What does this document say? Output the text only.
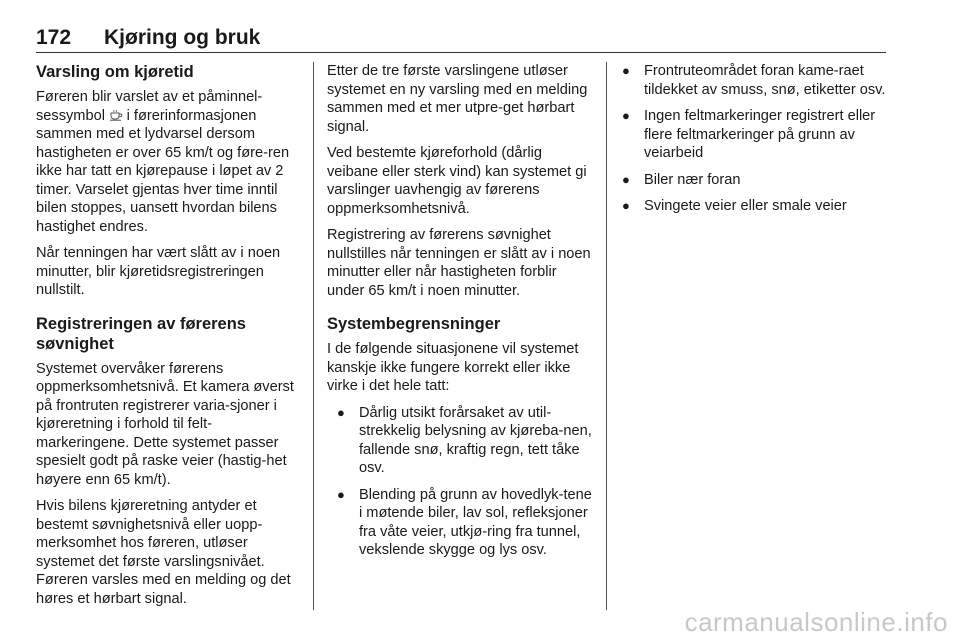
172 Kjøring og bruk
Varsling om kjøretid

Føreren blir varslet av et påminnel-sessymbol i førerinformasjonen sammen med et lydvarsel dersom hastigheten er over 65 km/t og føre-ren ikke har tatt en kjørepause i løpet av 2 timer. Varselet gjentas hver time inntil bilen stoppes, uansett hvordan bilens hastighet endres.

Når tenningen har vært slått av i noen minutter, blir kjøretidsregistreringen nullstilt.

Registreringen av førerens søvnighet

Systemet overvåker førerens oppmerksomhetsnivå. Et kamera øverst på frontruten registrerer varia-sjoner i kjøreretning i forhold til felt-markeringene. Dette systemet passer spesielt godt på raske veier (hastig-het høyere enn 65 km/t).

Hvis bilens kjøreretning antyder et bestemt søvnighetsnivå eller uopp-merksomhet hos føreren, utløser systemet det første varslingsnivået. Føreren varsles med en melding og det høres et hørbart signal.

Etter de tre første varslingene utløser systemet en ny varsling med en melding sammen med et mer utpre-get hørbart signal.

Ved bestemte kjøreforhold (dårlig veibane eller sterk vind) kan systemet gi varslinger uavhengig av førerens oppmerksomhetsnivå.

Registrering av førerens søvnighet nullstilles når tenningen er slått av i noen minutter eller når hastigheten forblir under 65 km/t i noen minutter.

Systembegrensninger

I de følgende situasjonene vil systemet kanskje ikke fungere korrekt eller ikke virke i det hele tatt:

● Dårlig utsikt forårsaket av util-strekkelig belysning av kjøreba-nen, fallende snø, kraftig regn, tett tåke osv.
● Blending på grunn av hovedlyk-tene i møtende biler, lav sol, refleksjoner fra våte veier, utkjø-ring fra tunnel, vekslende skygge og lys osv.
● Frontruteområdet foran kame-raet tildekket av smuss, snø, etiketter osv.
● Ingen feltmarkeringer registrert eller flere feltmarkeringer på grunn av veiarbeid
● Biler nær foran
● Svingete veier eller smale veier
carmanualsonline.info
